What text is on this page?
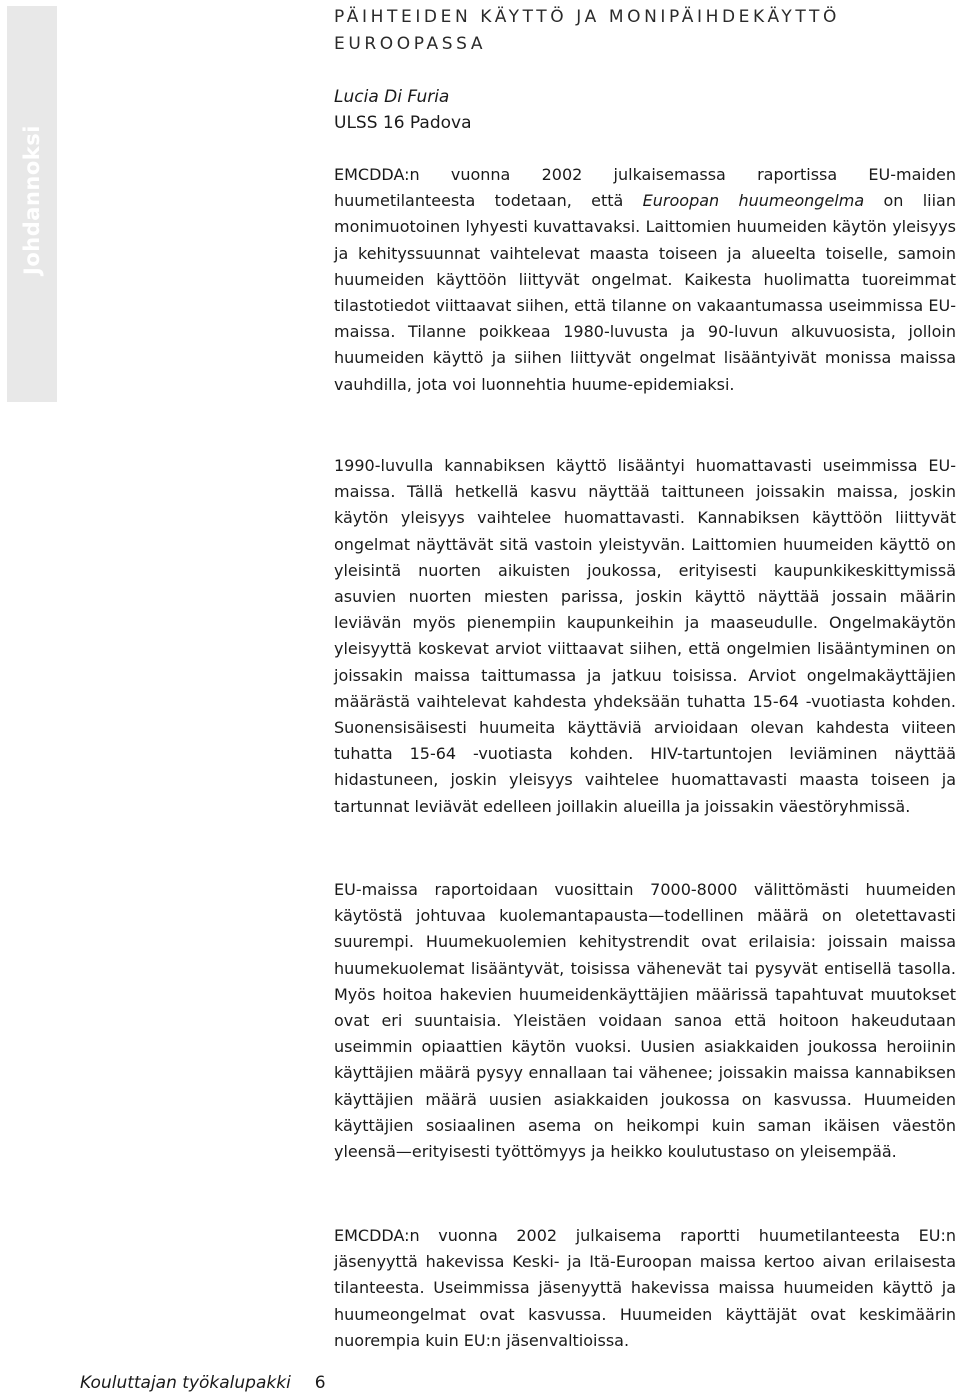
Johdannoksi
PÄIHTEIDEN KÄYTTÖ JA MONIPÄIHDEKÄYTTÖ EUROOPASSA
Lucia Di Furia
ULSS 16 Padova

EMCDDA:n vuonna 2002 julkaisemassa raportissa EU-maiden huumetilanteesta todetaan, että Euroopan huumeongelma on liian monimuotoinen lyhyesti kuvattavaksi. Laittomien huumeiden käytön yleisyys ja kehityssuunnat vaihtelevat maasta toiseen ja alueelta toiselle, samoin huumeiden käyttöön liittyvät ongelmat. Kaikesta huolimatta tuoreimmat tilastotiedot viittaavat siihen, että tilanne on vakaantumassa useimmissa EU-maissa. Tilanne poikkeaa 1980-luvusta ja 90-luvun alkuvuosista, jolloin huumeiden käyttö ja siihen liittyvät ongelmat lisääntyivät monissa maissa vauhdilla, jota voi luonnehtia huume-epidemiaksi.

1990-luvulla kannabiksen käyttö lisääntyi huomattavasti useimmissa EU-maissa. Tällä hetkellä kasvu näyttää taittuneen joissakin maissa, joskin käytön yleisyys vaihtelee huomattavasti. Kannabiksen käyttöön liittyvät ongelmat näyttävät sitä vastoin yleistyvän. Laittomien huumeiden käyttö on yleisintä nuorten aikuisten joukossa, erityisesti kaupunkikeskittymissä asuvien nuorten miesten parissa, joskin käyttö näyttää jossain määrin leviävän myös pienempiin kaupunkeihin ja maaseudulle. Ongelmakäytön yleisyyttä koskevat arviot viittaavat siihen, että ongelmien lisääntyminen on joissakin maissa taittumassa ja jatkuu toisissa. Arviot ongelmakäyttäjien määrästä vaihtelevat kahdesta yhdeksään tuhatta 15-64 -vuotiasta kohden. Suonensisäisesti huumeita käyttäviä arvioidaan olevan kahdesta viiteen tuhatta 15-64 -vuotiasta kohden. HIV-tartuntojen leviäminen näyttää hidastuneen, joskin yleisyys vaihtelee huomattavasti maasta toiseen ja tartunnat leviävät edelleen joillakin alueilla ja joissakin väestöryhmissä.

EU-maissa raportoidaan vuosittain 7000-8000 välittömästi huumeiden käytöstä johtuvaa kuolemantapausta—todellinen määrä on oletettavasti suurempi. Huumekuolemien kehitystrendit ovat erilaisia: joissain maissa huumekuolemat lisääntyvät, toisissa vähenevät tai pysyvät entisellä tasolla. Myös hoitoa hakevien huumeidenkäyttäjien määrissä tapahtuvat muutokset ovat eri suuntaisia. Yleistäen voidaan sanoa että hoitoon hakeudutaan useimmin opiaattien käytön vuoksi. Uusien asiakkaiden joukossa heroiinin käyttäjien määrä pysyy ennallaan tai vähenee; joissakin maissa kannabiksen käyttäjien määrä uusien asiakkaiden joukossa on kasvussa. Huumeiden käyttäjien sosiaalinen asema on heikompi kuin saman ikäisen väestön yleensä—erityisesti työttömyys ja heikko koulutustaso on yleisempää.

EMCDDA:n vuonna 2002 julkaisema raportti huumetilanteesta EU:n jäsenyyttä hakevissa Keski- ja Itä-Euroopan maissa kertoo aivan erilaisesta tilanteesta. Useimmissa jäsenyyttä hakevissa maissa huumeiden käyttö ja huumeongelmat ovat kasvussa. Huumeiden käyttäjät ovat keskimäärin nuorempia kuin EU:n jäsenvaltioissa.

Kouluttajan työkalupakki 6
